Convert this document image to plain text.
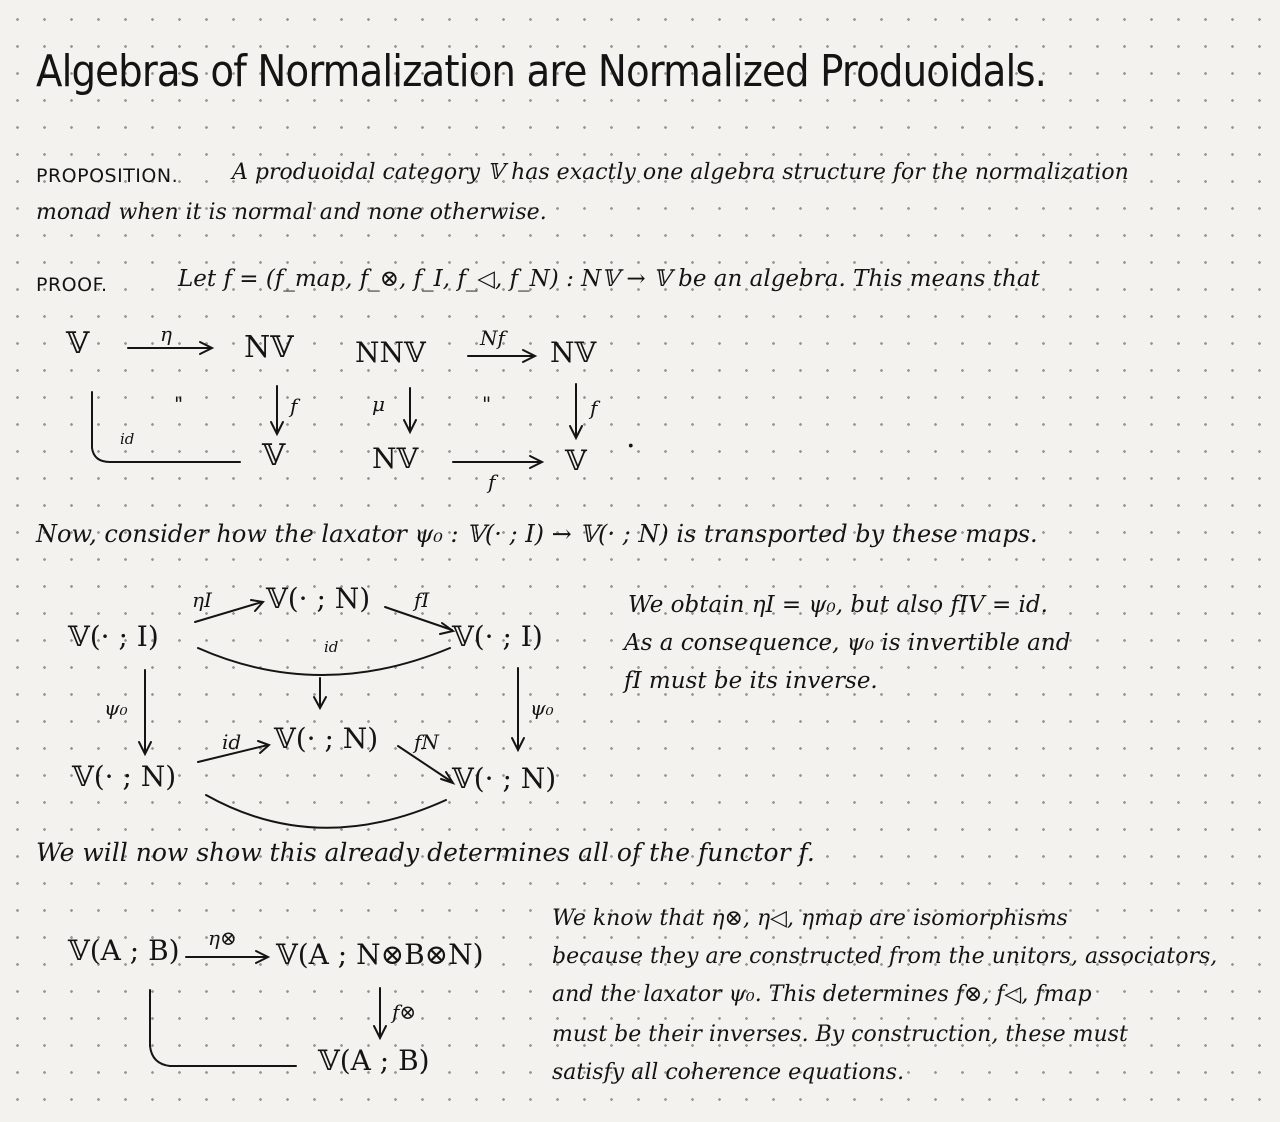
Algebras of Normalization are Normalized Produoidals.
PROPOSITION. A produoidal category 𝕍 has exactly one algebra structure for the normalization
monad when it is normal and none otherwise.
PROOF.	Let f = (f_map, f_⊗, f_I, f_◁, f_N) : N𝕍 → 𝕍 be an algebra. This means that
𝕍	η N𝕍
f
"
id	𝕍
NN𝕍	Nf N𝕍
μ	"	f
N𝕍
f
𝕍
.
Now, consider how the laxator ψ₀ : 𝕍(· ; I) → 𝕍(· ; N) is transported by these maps.
𝕍(· ; I)
𝕍(· ; N)
𝕍(· ; I)
𝕍(· ; N)
𝕍(· ; N)
𝕍(· ; N)
ηI	fI
id
ψ₀	ψ₀
id	fN
We obtain ηI = ψ₀, but also fIV = id.
As a consequence, ψ₀ is invertible and
fI must be its inverse.
We will now show this already determines all of the functor f.
𝕍(A ; B) η⊗ 𝕍(A ; N⊗B⊗N)
f⊗
𝕍(A ; B)
We know that η⊗, η◁, ηmap are isomorphisms
because they are constructed from the unitors, associators,
and the laxator ψ₀. This determines f⊗, f◁, fmap
must be their inverses. By construction, these must
satisfy all coherence equations.
